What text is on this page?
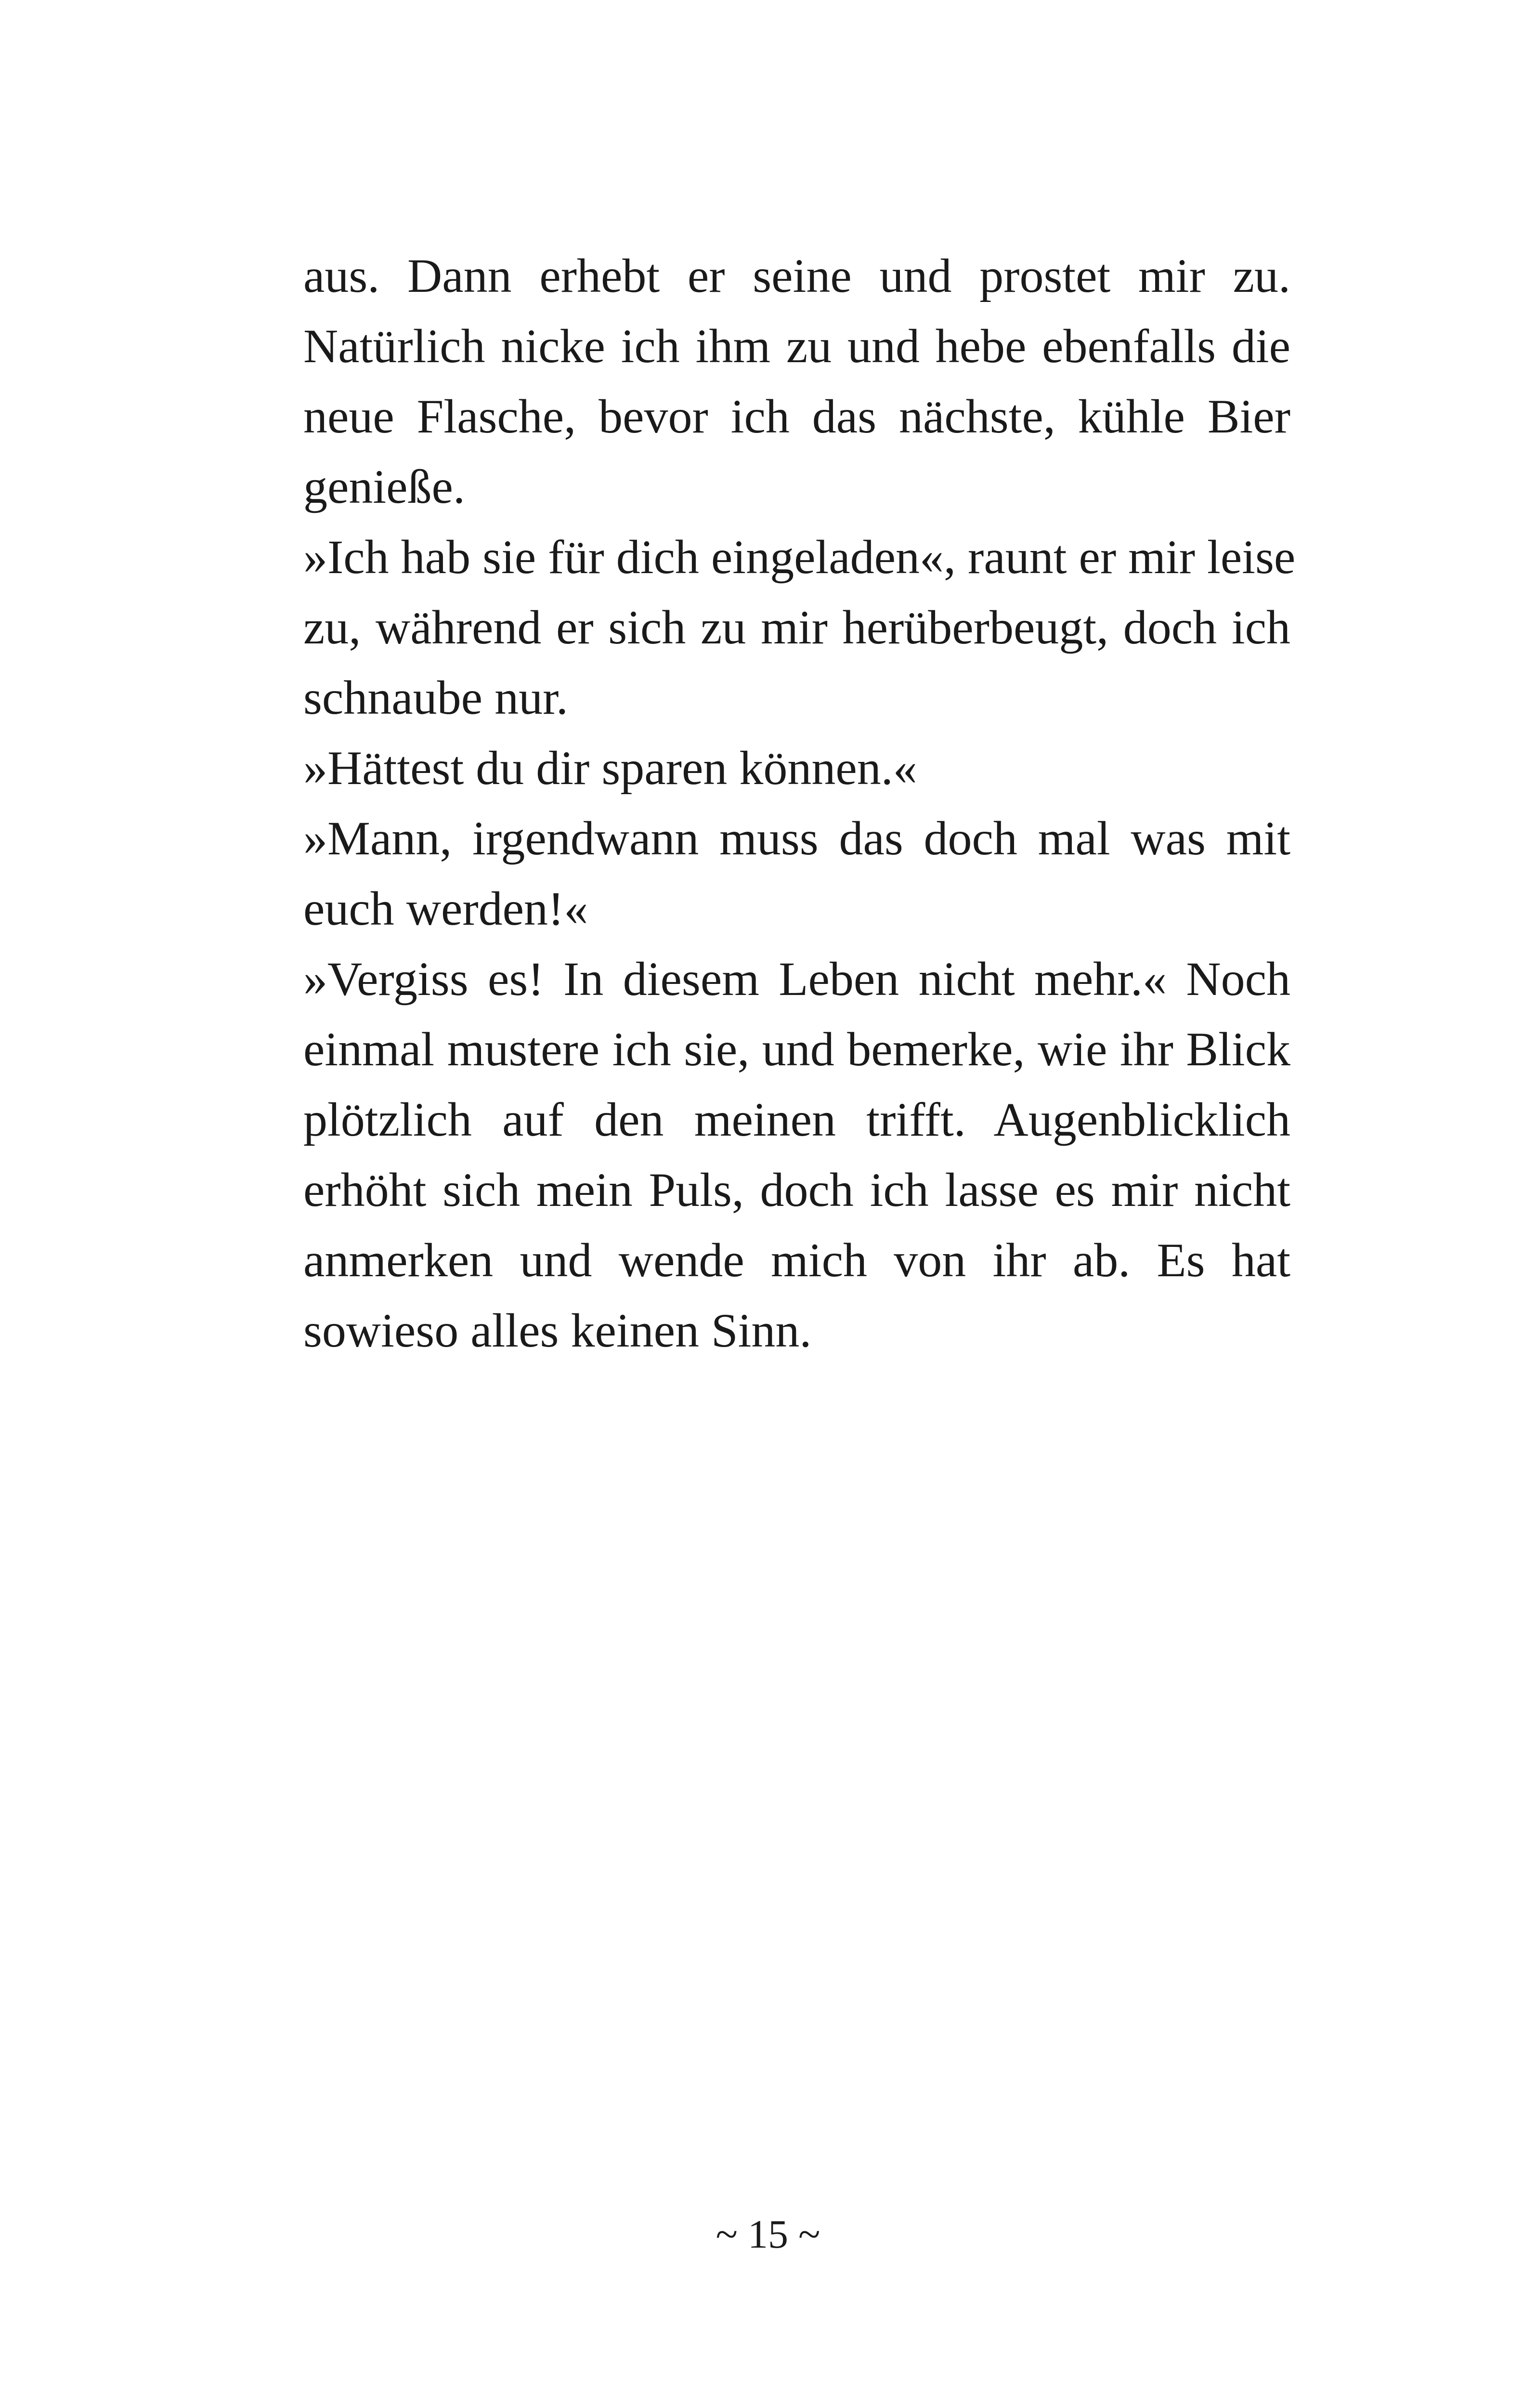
aus. Dann erhebt er seine und prostet mir zu.
Natürlich nicke ich ihm zu und hebe ebenfalls die
neue Flasche, bevor ich das nächste, kühle Bier
genieße.
»Ich hab sie für dich eingeladen«, raunt er mir leise
zu, während er sich zu mir herüberbeugt, doch ich
schnaube nur.
»Hättest du dir sparen können.«
»Mann, irgendwann muss das doch mal was mit
euch werden!«
»Vergiss es! In diesem Leben nicht mehr.« Noch
einmal mustere ich sie, und bemerke, wie ihr Blick
plötzlich auf den meinen trifft. Augenblicklich
erhöht sich mein Puls, doch ich lasse es mir nicht
anmerken und wende mich von ihr ab. Es hat
sowieso alles keinen Sinn.
~ 15 ~
